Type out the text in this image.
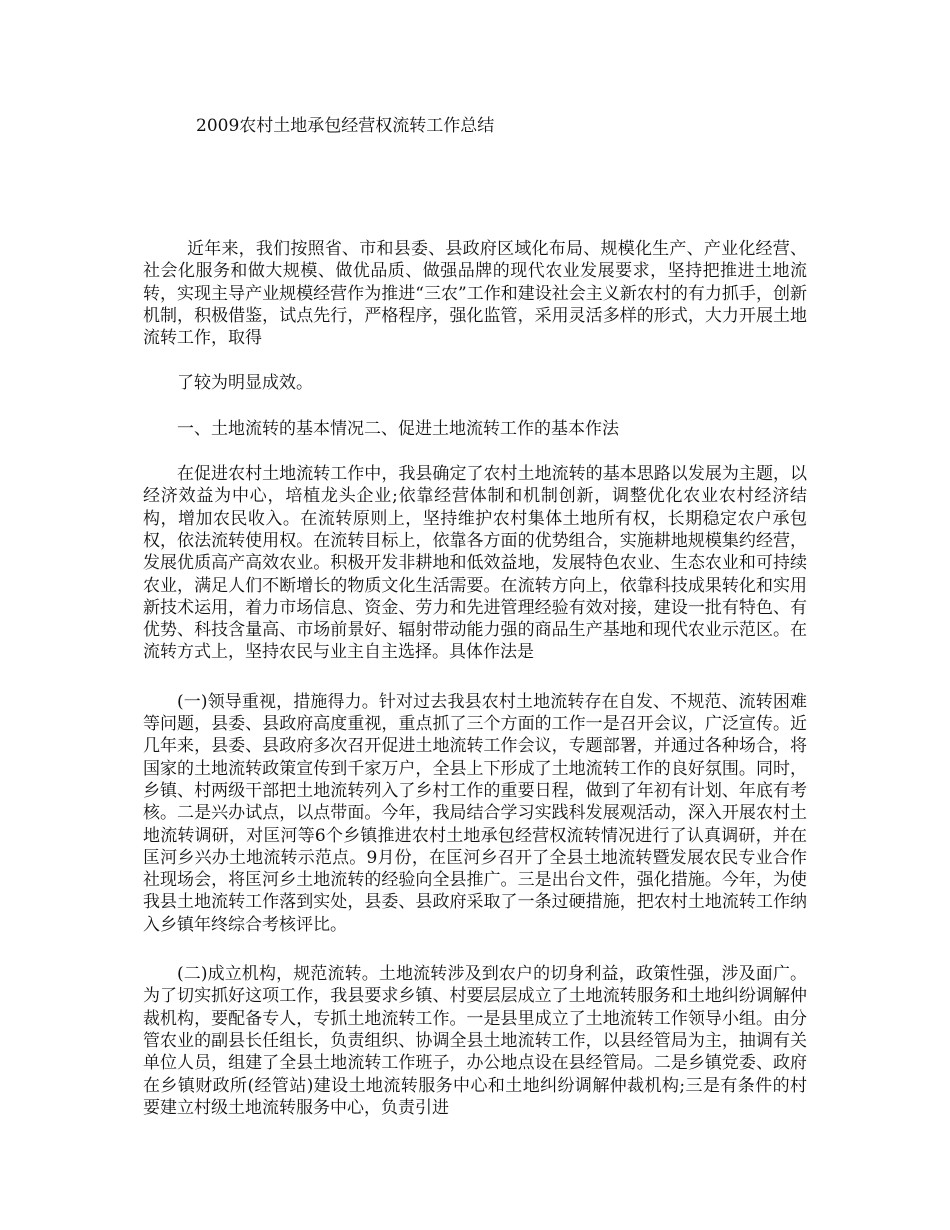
2009农村土地承包经营权流转工作总结

近年来，我们按照省、市和县委、县政府区域化布局、规模化生产、产业化经营、社会化服务和做大规模、做优品质、做强品牌的现代农业发展要求，坚持把推进土地流转，实现主导产业规模经营作为推进“三农”工作和建设社会主义新农村的有力抓手，创新机制，积极借鉴，试点先行，严格程序，强化监管，采用灵活多样的形式，大力开展土地流转工作，取得

了较为明显成效。

一、土地流转的基本情况二、促进土地流转工作的基本作法

在促进农村土地流转工作中，我县确定了农村土地流转的基本思路以发展为主题，以经济效益为中心，培植龙头企业;依靠经营体制和机制创新，调整优化农业农村经济结构，增加农民收入。在流转原则上，坚持维护农村集体土地所有权，长期稳定农户承包权，依法流转使用权。在流转目标上，依靠各方面的优势组合，实施耕地规模集约经营，发展优质高产高效农业。积极开发非耕地和低效益地，发展特色农业、生态农业和可持续农业，满足人们不断增长的物质文化生活需要。在流转方向上，依靠科技成果转化和实用新技术运用，着力市场信息、资金、劳力和先进管理经验有效对接，建设一批有特色、有优势、科技含量高、市场前景好、辐射带动能力强的商品生产基地和现代农业示范区。在流转方式上，坚持农民与业主自主选择。具体作法是

(一)领导重视，措施得力。针对过去我县农村土地流转存在自发、不规范、流转困难等问题，县委、县政府高度重视，重点抓了三个方面的工作一是召开会议，广泛宣传。近几年来，县委、县政府多次召开促进土地流转工作会议，专题部署，并通过各种场合，将国家的土地流转政策宣传到千家万户，全县上下形成了土地流转工作的良好氛围。同时，乡镇、村两级干部把土地流转列入了乡村工作的重要日程，做到了年初有计划、年底有考核。二是兴办试点，以点带面。今年，我局结合学习实践科发展观活动，深入开展农村土地流转调研，对匡河等6个乡镇推进农村土地承包经营权流转情况进行了认真调研，并在匡河乡兴办土地流转示范点。9月份，在匡河乡召开了全县土地流转暨发展农民专业合作社现场会，将匡河乡土地流转的经验向全县推广。三是出台文件，强化措施。今年，为使我县土地流转工作落到实处，县委、县政府采取了一条过硬措施，把农村土地流转工作纳入乡镇年终综合考核评比。

(二)成立机构，规范流转。土地流转涉及到农户的切身利益，政策性强，涉及面广。为了切实抓好这项工作，我县要求乡镇、村要层层成立了土地流转服务和土地纠纷调解仲裁机构，要配备专人，专抓土地流转工作。一是县里成立了土地流转工作领导小组。由分管农业的副县长任组长，负责组织、协调全县土地流转工作，以县经管局为主，抽调有关单位人员，组建了全县土地流转工作班子，办公地点设在县经管局。二是乡镇党委、政府在乡镇财政所(经管站)建设土地流转服务中心和土地纠纷调解仲裁机构;三是有条件的村要建立村级土地流转服务中心，负责引进
